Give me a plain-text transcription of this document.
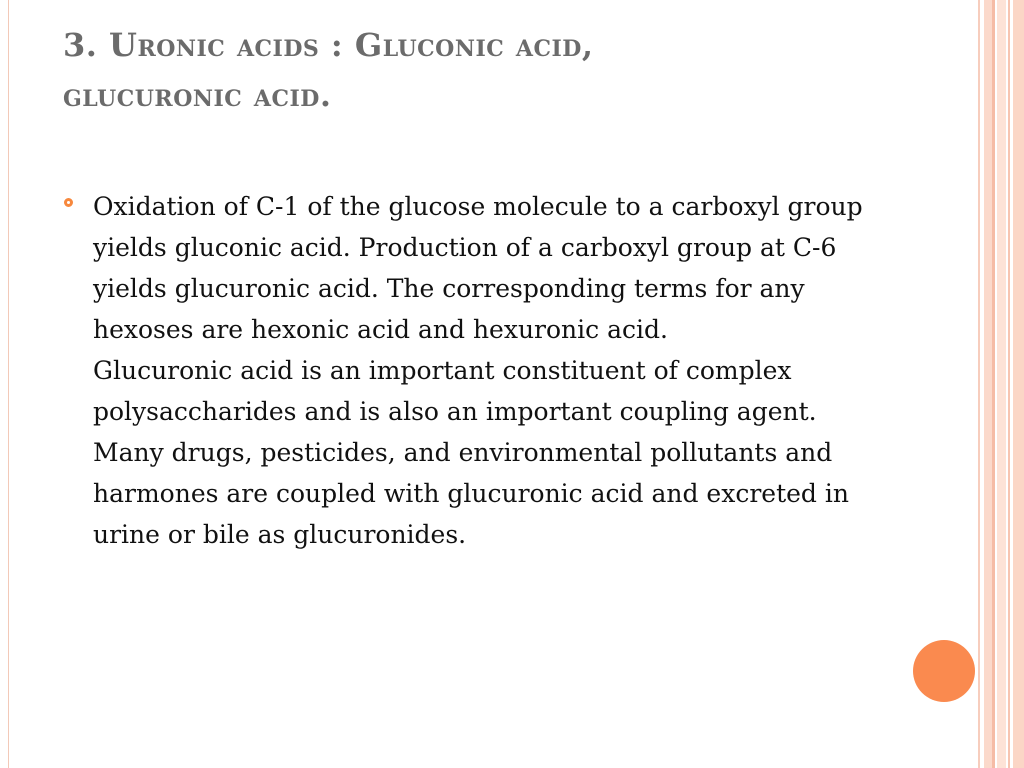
3. Uronic acids : Gluconic acid,
glucuronic acid.

Oxidation of C-1 of the glucose molecule to a carboxyl group yields gluconic acid. Production of a carboxyl group at C-6 yields glucuronic acid. The corresponding terms for any hexoses are hexonic acid and hexuronic acid.

Glucuronic acid is an important constituent of complex polysaccharides and is also an important coupling agent. Many drugs, pesticides, and environmental pollutants and harmones are coupled with glucuronic acid and excreted in urine or bile as glucuronides.
